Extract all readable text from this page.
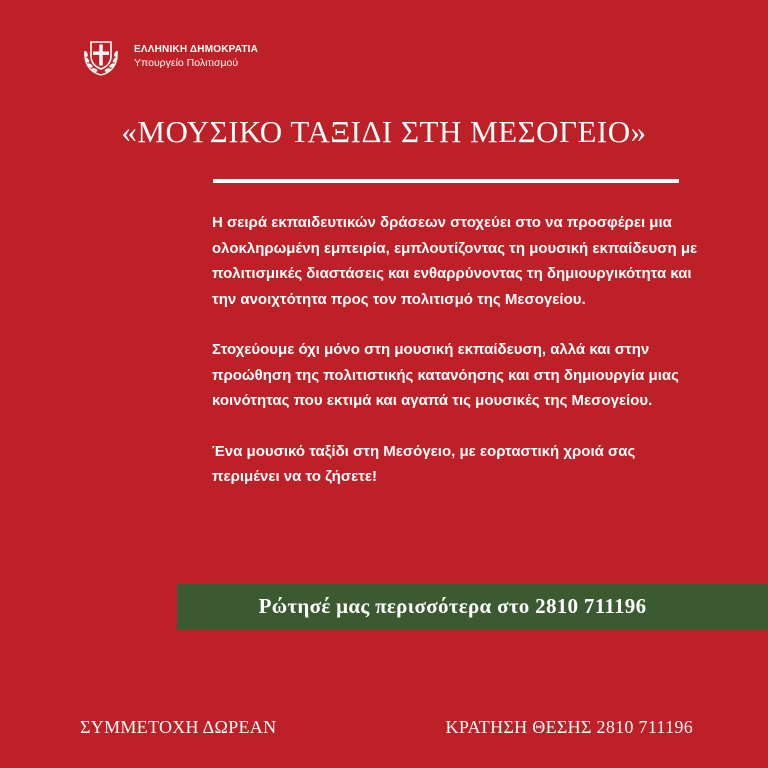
ΕΛΛΗΝΙΚΗ ΔΗΜΟΚΡΑΤΙΑ
Υπουργείο Πολιτισμού
«ΜΟΥΣΙΚΟ ΤΑΞΙΔΙ ΣΤΗ ΜΕΣΟΓΕΙΟ»

Η σειρά εκπαιδευτικών δράσεων στοχεύει στο να προσφέρει μια ολοκληρωμένη εμπειρία, εμπλουτίζοντας τη μουσική εκπαίδευση με πολιτισμικές διαστάσεις και ενθαρρύνοντας τη δημιουργικότητα και την ανοιχτότητα προς τον πολιτισμό της Μεσογείου.

Στοχεύουμε όχι μόνο στη μουσική εκπαίδευση, αλλά και στην προώθηση της πολιτιστικής κατανόησης και στη δημιουργία μιας κοινότητας που εκτιμά και αγαπά τις μουσικές της Μεσογείου.

Ένα μουσικό ταξίδι στη Μεσόγειο, με εορταστική χροιά σας περιμένει να το ζήσετε!

Ρώτησέ μας περισσότερα στο 2810 711196
ΣΥΜΜΕΤΟΧΗ ΔΩΡΕΑΝ	ΚΡΑΤΗΣΗ ΘΕΣΗΣ 2810 711196
